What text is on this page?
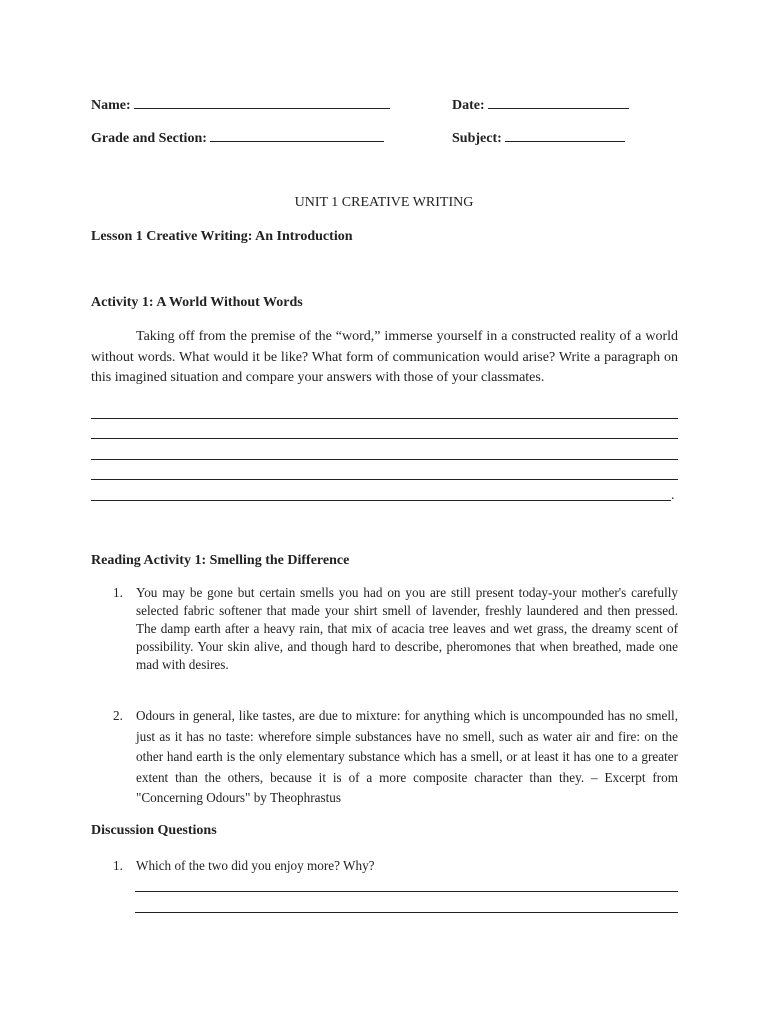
Name:	Date:
Grade and Section:	Subject:
UNIT 1 CREATIVE WRITING
Lesson 1 Creative Writing: An Introduction
Activity 1: A World Without Words
Taking off from the premise of the “word,” immerse yourself in a constructed reality of a world without words. What would it be like? What form of communication would arise? Write a paragraph on this imagined situation and compare your answers with those of your classmates.
.
Reading Activity 1: Smelling the Difference
1. You may be gone but certain smells you had on you are still present today-your mother's carefully selected fabric softener that made your shirt smell of lavender, freshly laundered and then pressed. The damp earth after a heavy rain, that mix of acacia tree leaves and wet grass, the dreamy scent of possibility. Your skin alive, and though hard to describe, pheromones that when breathed, made one mad with desires.
2. Odours in general, like tastes, are due to mixture: for anything which is uncompounded has no smell, just as it has no taste: wherefore simple substances have no smell, such as water air and fire: on the other hand earth is the only elementary substance which has a smell, or at least it has one to a greater extent than the others, because it is of a more composite character than they. – Excerpt from "Concerning Odours" by Theophrastus
Discussion Questions
1. Which of the two did you enjoy more? Why?
